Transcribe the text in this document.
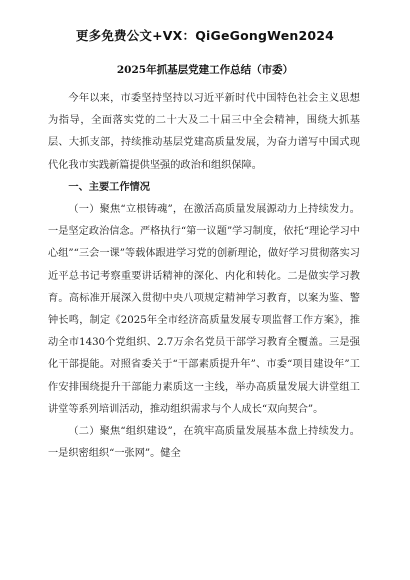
更多免费公文+VX：QiGeGongWen2024
2025年抓基层党建工作总结（市委）

今年以来，市委坚持坚持以习近平新时代中国特色社会主义思想为指导，全面落实党的二十大及二十届三中全会精神，围绕大抓基层、大抓支部，持续推动基层党建高质量发展，为奋力谱写中国式现代化我市实践新篇提供坚强的政治和组织保障。

一、主要工作情况

（一）聚焦“立根铸魂”，在激活高质量发展源动力上持续发力。一是坚定政治信念。严格执行“第一议题”学习制度，依托“理论学习中心组”“三会一课”等载体跟进学习党的创新理论，做好学习贯彻落实习近平总书记考察重要讲话精神的深化、内化和转化。二是做实学习教育。高标准开展深入贯彻中央八项规定精神学习教育，以案为鉴、警钟长鸣，制定《2025年全市经济高质量发展专项监督工作方案》，推动全市1430个党组织、2.7万余名党员干部学习教育全覆盖。三是强化干部提能。对照省委关于“干部素质提升年”、市委“项目建设年”工作安排围绕提升干部能力素质这一主线，举办高质量发展大讲堂组工讲堂等系列培训活动，推动组织需求与个人成长“双向契合”。

（二）聚焦“组织建设”，在筑牢高质量发展基本盘上持续发力。一是织密组织“一张网”。健全
